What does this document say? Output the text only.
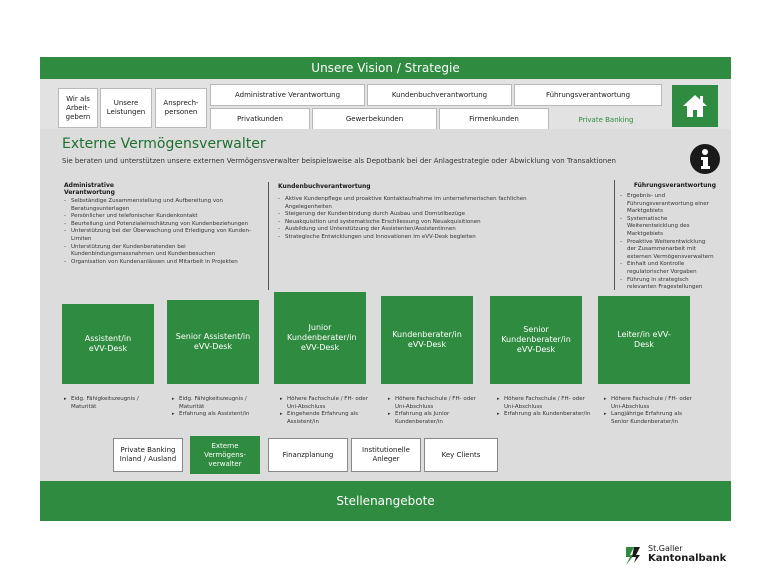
Unsere Vision / Strategie
Wir als Arbeitgebern
Unsere Leistungen
Ansprechpersonen
Administrative Verantwortung	Kundenbuchverantwortung	Führungsverantwortung
Privatkunden	Gewerbekunden	Firmenkunden	Private Banking
Externe Vermögensverwalter
Sie beraten und unterstützen unsere externen Vermögensverwalter beispielsweise als Depotbank bei der Anlagestrategie oder Abwicklung von Transaktionen
Administrative Verantwortung
- Selbständige Zusammenstellung und Aufbereitung von Beratungsunterlagen
- Persönlicher und telefonischer Kundenkontakt
- Beurteilung und Potenzialeinschätzung von Kundenbeziehungen
- Unterstützung bei der Überwachung und Erledigung von Kunden-Limiten
- Unterstützung der Kundenberatenden bei Kundenbindungsmassnahmen und Kundenbesuchen
- Organisation von Kundenanlässen und Mitarbeit in Projekten
Kundenbuchverantwortung
- Aktive Kundenpflege und proaktive Kontaktaufnahme im unternehmerischen fachlichen Angelegenheiten
- Steigerung der Kundenbindung durch Ausbau und Domizilbezüge
- Neuakquisition und systematische Erschliessung von Neuakquisitionen
- Ausbildung und Unterstützung der Assistenten/Assistentinnen
- Strategische Entwicklungen und Innovationen im eVV-Desk begleiten
Führungsverantwortung
- Ergebnis- und Führungsverantwortung einer Marktgebiets
- Systematische Weiterentwicklung des Marktgebiets
- Proaktive Weiterentwicklung der Zusammenarbeit mit externen Vermögensverwaltern
- Einhalt und Kontrolle regulatorischer Vorgaben
- Führung in strategisch relevanten Fragestellungen
Assistent/in eVV-Desk
Senior Assistent/in eVV-Desk
Junior Kundenberater/in eVV-Desk
Kundenberater/in eVV-Desk
Senior Kundenberater/in eVV-Desk
Leiter/in eVV-Desk
▸ Eidg. Fähigkeitszeugnis / Maturität
▸ Eidg. Fähigkeitszeugnis / Maturität
▸ Erfahrung als Assistent/in
▸ Höhere Fachschule / FH- oder Uni-Abschluss
▸ Eingehende Erfahrung als Assistent/in
▸ Höhere Fachschule / FH- oder Uni-Abschluss
▸ Erfahrung als Junior Kundenberater/in
▸ Höhere Fachschule / FH- oder Uni-Abschluss
▸ Erfahrung als Kundenberater/in
▸ Höhere Fachschule / FH- oder Uni-Abschluss
▸ Langjährige Erfahrung als Senior Kundenberater/in
Private Banking Inland / Ausland
Externe Vermögensverwalter
Finanzplanung
Institutionelle Anleger
Key Clients
Stellenangebote
St.Galler
Kantonalbank
